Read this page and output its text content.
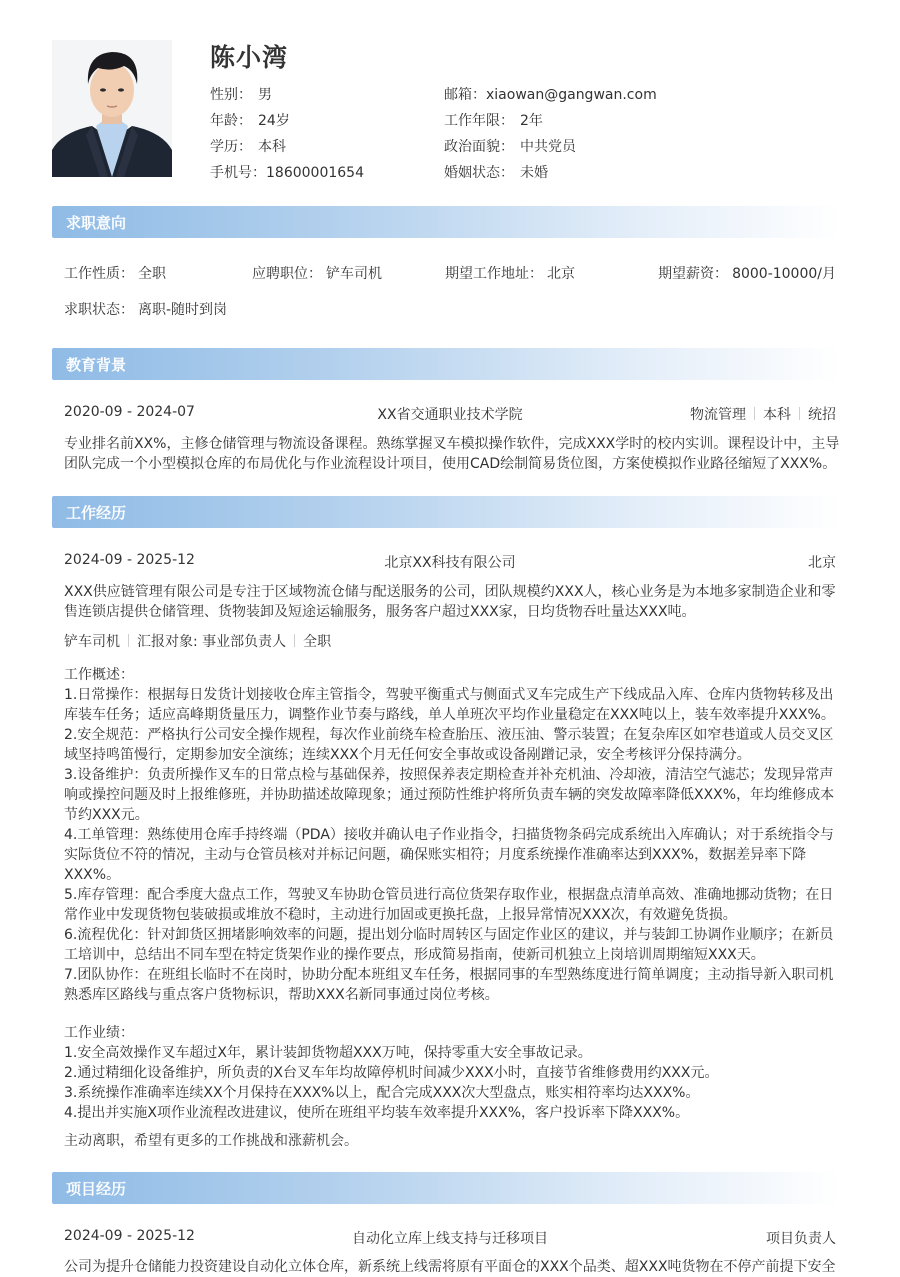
陈小湾
性别： 男
年龄： 24岁
学历： 本科
手机号：18600001654
邮箱：xiaowan@gangwan.com
工作年限： 2年
政治面貌： 中共党员
婚姻状态： 未婚
求职意向
工作性质： 全职	应聘职位： 铲车司机	期望工作地址： 北京	期望薪资： 8000-10000/月
求职状态： 离职-随时到岗
教育背景
2020-09 - 2024-07	XX省交通职业技术学院	物流管理 本科 统招

专业排名前XX%，主修仓储管理与物流设备课程。熟练掌握叉车模拟操作软件，完成XXX学时的校内实训。课程设计中，主导

团队完成一个小型模拟仓库的布局优化与作业流程设计项目，使用CAD绘制简易货位图，方案使模拟作业路径缩短了XXX%。

工作经历
2024-09 - 2025-12	北京XX科技有限公司	北京

XXX供应链管理有限公司是专注于区域物流仓储与配送服务的公司，团队规模约XXX人，核心业务是为本地多家制造企业和零

售连锁店提供仓储管理、货物装卸及短途运输服务，服务客户超过XXX家，日均货物吞吐量达XXX吨。

铲车司机 汇报对象: 事业部负责人 全职

工作概述：

1.日常操作：根据每日发货计划接收仓库主管指令，驾驶平衡重式与侧面式叉车完成生产下线成品入库、仓库内货物转移及出

库装车任务；适应高峰期货量压力，调整作业节奏与路线，单人单班次平均作业量稳定在XXX吨以上，装车效率提升XXX%。

2.安全规范：严格执行公司安全操作规程，每次作业前绕车检查胎压、液压油、警示装置；在复杂库区如窄巷道或人员交叉区

域坚持鸣笛慢行，定期参加安全演练；连续XXX个月无任何安全事故或设备剐蹭记录，安全考核评分保持满分。

3.设备维护：负责所操作叉车的日常点检与基础保养，按照保养表定期检查并补充机油、冷却液，清洁空气滤芯；发现异常声

响或操控问题及时上报维修班，并协助描述故障现象；通过预防性维护将所负责车辆的突发故障率降低XXX%，年均维修成本

节约XXX元。

4.工单管理：熟练使用仓库手持终端（PDA）接收并确认电子作业指令，扫描货物条码完成系统出入库确认；对于系统指令与

实际货位不符的情况，主动与仓管员核对并标记问题，确保账实相符；月度系统操作准确率达到XXX%，数据差异率下降

XXX%。

5.库存管理：配合季度大盘点工作，驾驶叉车协助仓管员进行高位货架存取作业，根据盘点清单高效、准确地挪动货物；在日

常作业中发现货物包装破损或堆放不稳时，主动进行加固或更换托盘，上报异常情况XXX次，有效避免货损。

6.流程优化：针对卸货区拥堵影响效率的问题，提出划分临时周转区与固定作业区的建议，并与装卸工协调作业顺序；在新员

工培训中，总结出不同车型在特定货架作业的操作要点，形成简易指南，使新司机独立上岗培训周期缩短XXX天。

7.团队协作：在班组长临时不在岗时，协助分配本班组叉车任务，根据同事的车型熟练度进行简单调度；主动指导新入职司机

熟悉库区路线与重点客户货物标识，帮助XXX名新同事通过岗位考核。

工作业绩：

1.安全高效操作叉车超过X年，累计装卸货物超XXX万吨，保持零重大安全事故记录。

2.通过精细化设备维护，所负责的X台叉车年均故障停机时间减少XXX小时，直接节省维修费用约XXX元。

3.系统操作准确率连续XX个月保持在XXX%以上，配合完成XXX次大型盘点，账实相符率均达XXX%。

4.提出并实施X项作业流程改进建议，使所在班组平均装车效率提升XXX%，客户投诉率下降XXX%。

主动离职，希望有更多的工作挑战和涨薪机会。

项目经历
2024-09 - 2025-12	自动化立库上线支持与迁移项目	项目负责人

公司为提升仓储能力投资建设自动化立体仓库，新系统上线需将原有平面仓的XXX个品类、超XXX吨货物在不停产前提下安全
